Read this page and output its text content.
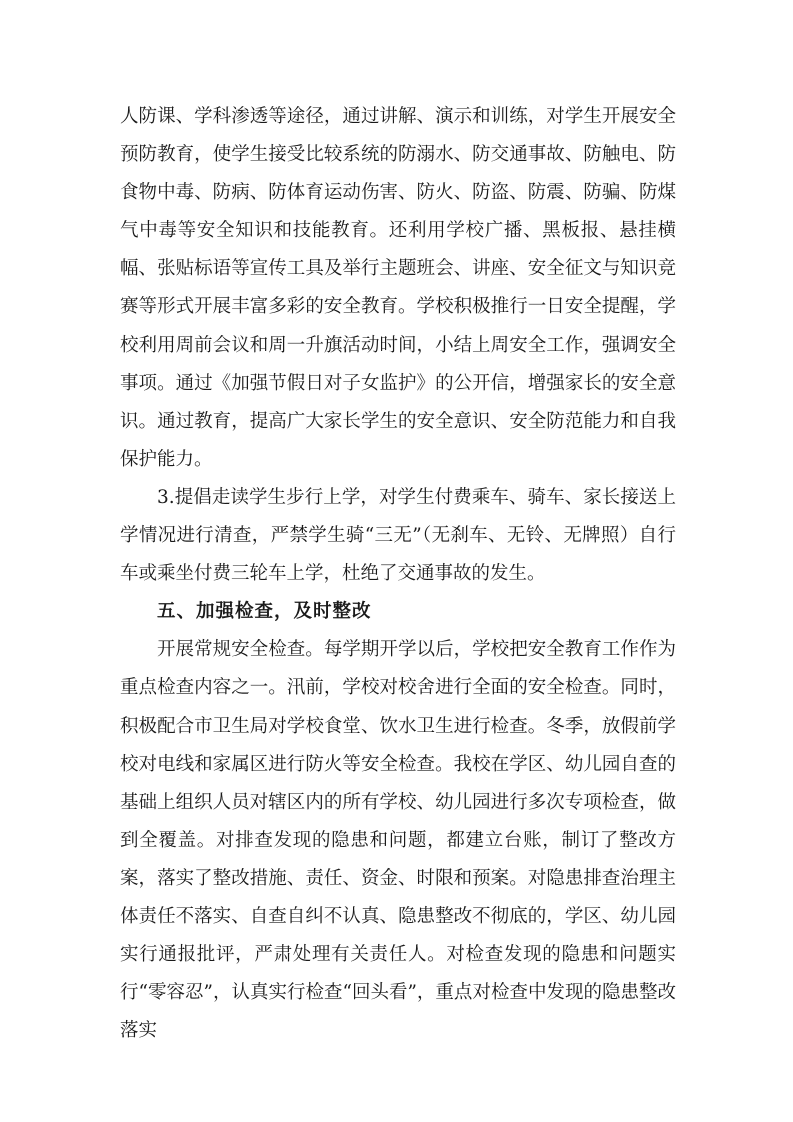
人防课、学科渗透等途径，通过讲解、演示和训练，对学生开展安全预防教育，使学生接受比较系统的防溺水、防交通事故、防触电、防食物中毒、防病、防体育运动伤害、防火、防盗、防震、防骗、防煤气中毒等安全知识和技能教育。还利用学校广播、黑板报、悬挂横幅、张贴标语等宣传工具及举行主题班会、讲座、安全征文与知识竞赛等形式开展丰富多彩的安全教育。学校积极推行一日安全提醒，学校利用周前会议和周一升旗活动时间，小结上周安全工作，强调安全事项。通过《加强节假日对子女监护》的公开信，增强家长的安全意识。通过教育，提高广大家长学生的安全意识、安全防范能力和自我保护能力。

3.提倡走读学生步行上学，对学生付费乘车、骑车、家长接送上学情况进行清查，严禁学生骑“三无”（无刹车、无铃、无牌照）自行车或乘坐付费三轮车上学，杜绝了交通事故的发生。

五、加强检查，及时整改

开展常规安全检查。每学期开学以后，学校把安全教育工作作为重点检查内容之一。汛前，学校对校舍进行全面的安全检查。同时，积极配合市卫生局对学校食堂、饮水卫生进行检查。冬季，放假前学校对电线和家属区进行防火等安全检查。我校在学区、幼儿园自查的基础上组织人员对辖区内的所有学校、幼儿园进行多次专项检查，做到全覆盖。对排查发现的隐患和问题，都建立台账，制订了整改方案，落实了整改措施、责任、资金、时限和预案。对隐患排查治理主体责任不落实、自查自纠不认真、隐患整改不彻底的，学区、幼儿园实行通报批评，严肃处理有关责任人。对检查发现的隐患和问题实行“零容忍”，认真实行检查“回头看”，重点对检查中发现的隐患整改落实
